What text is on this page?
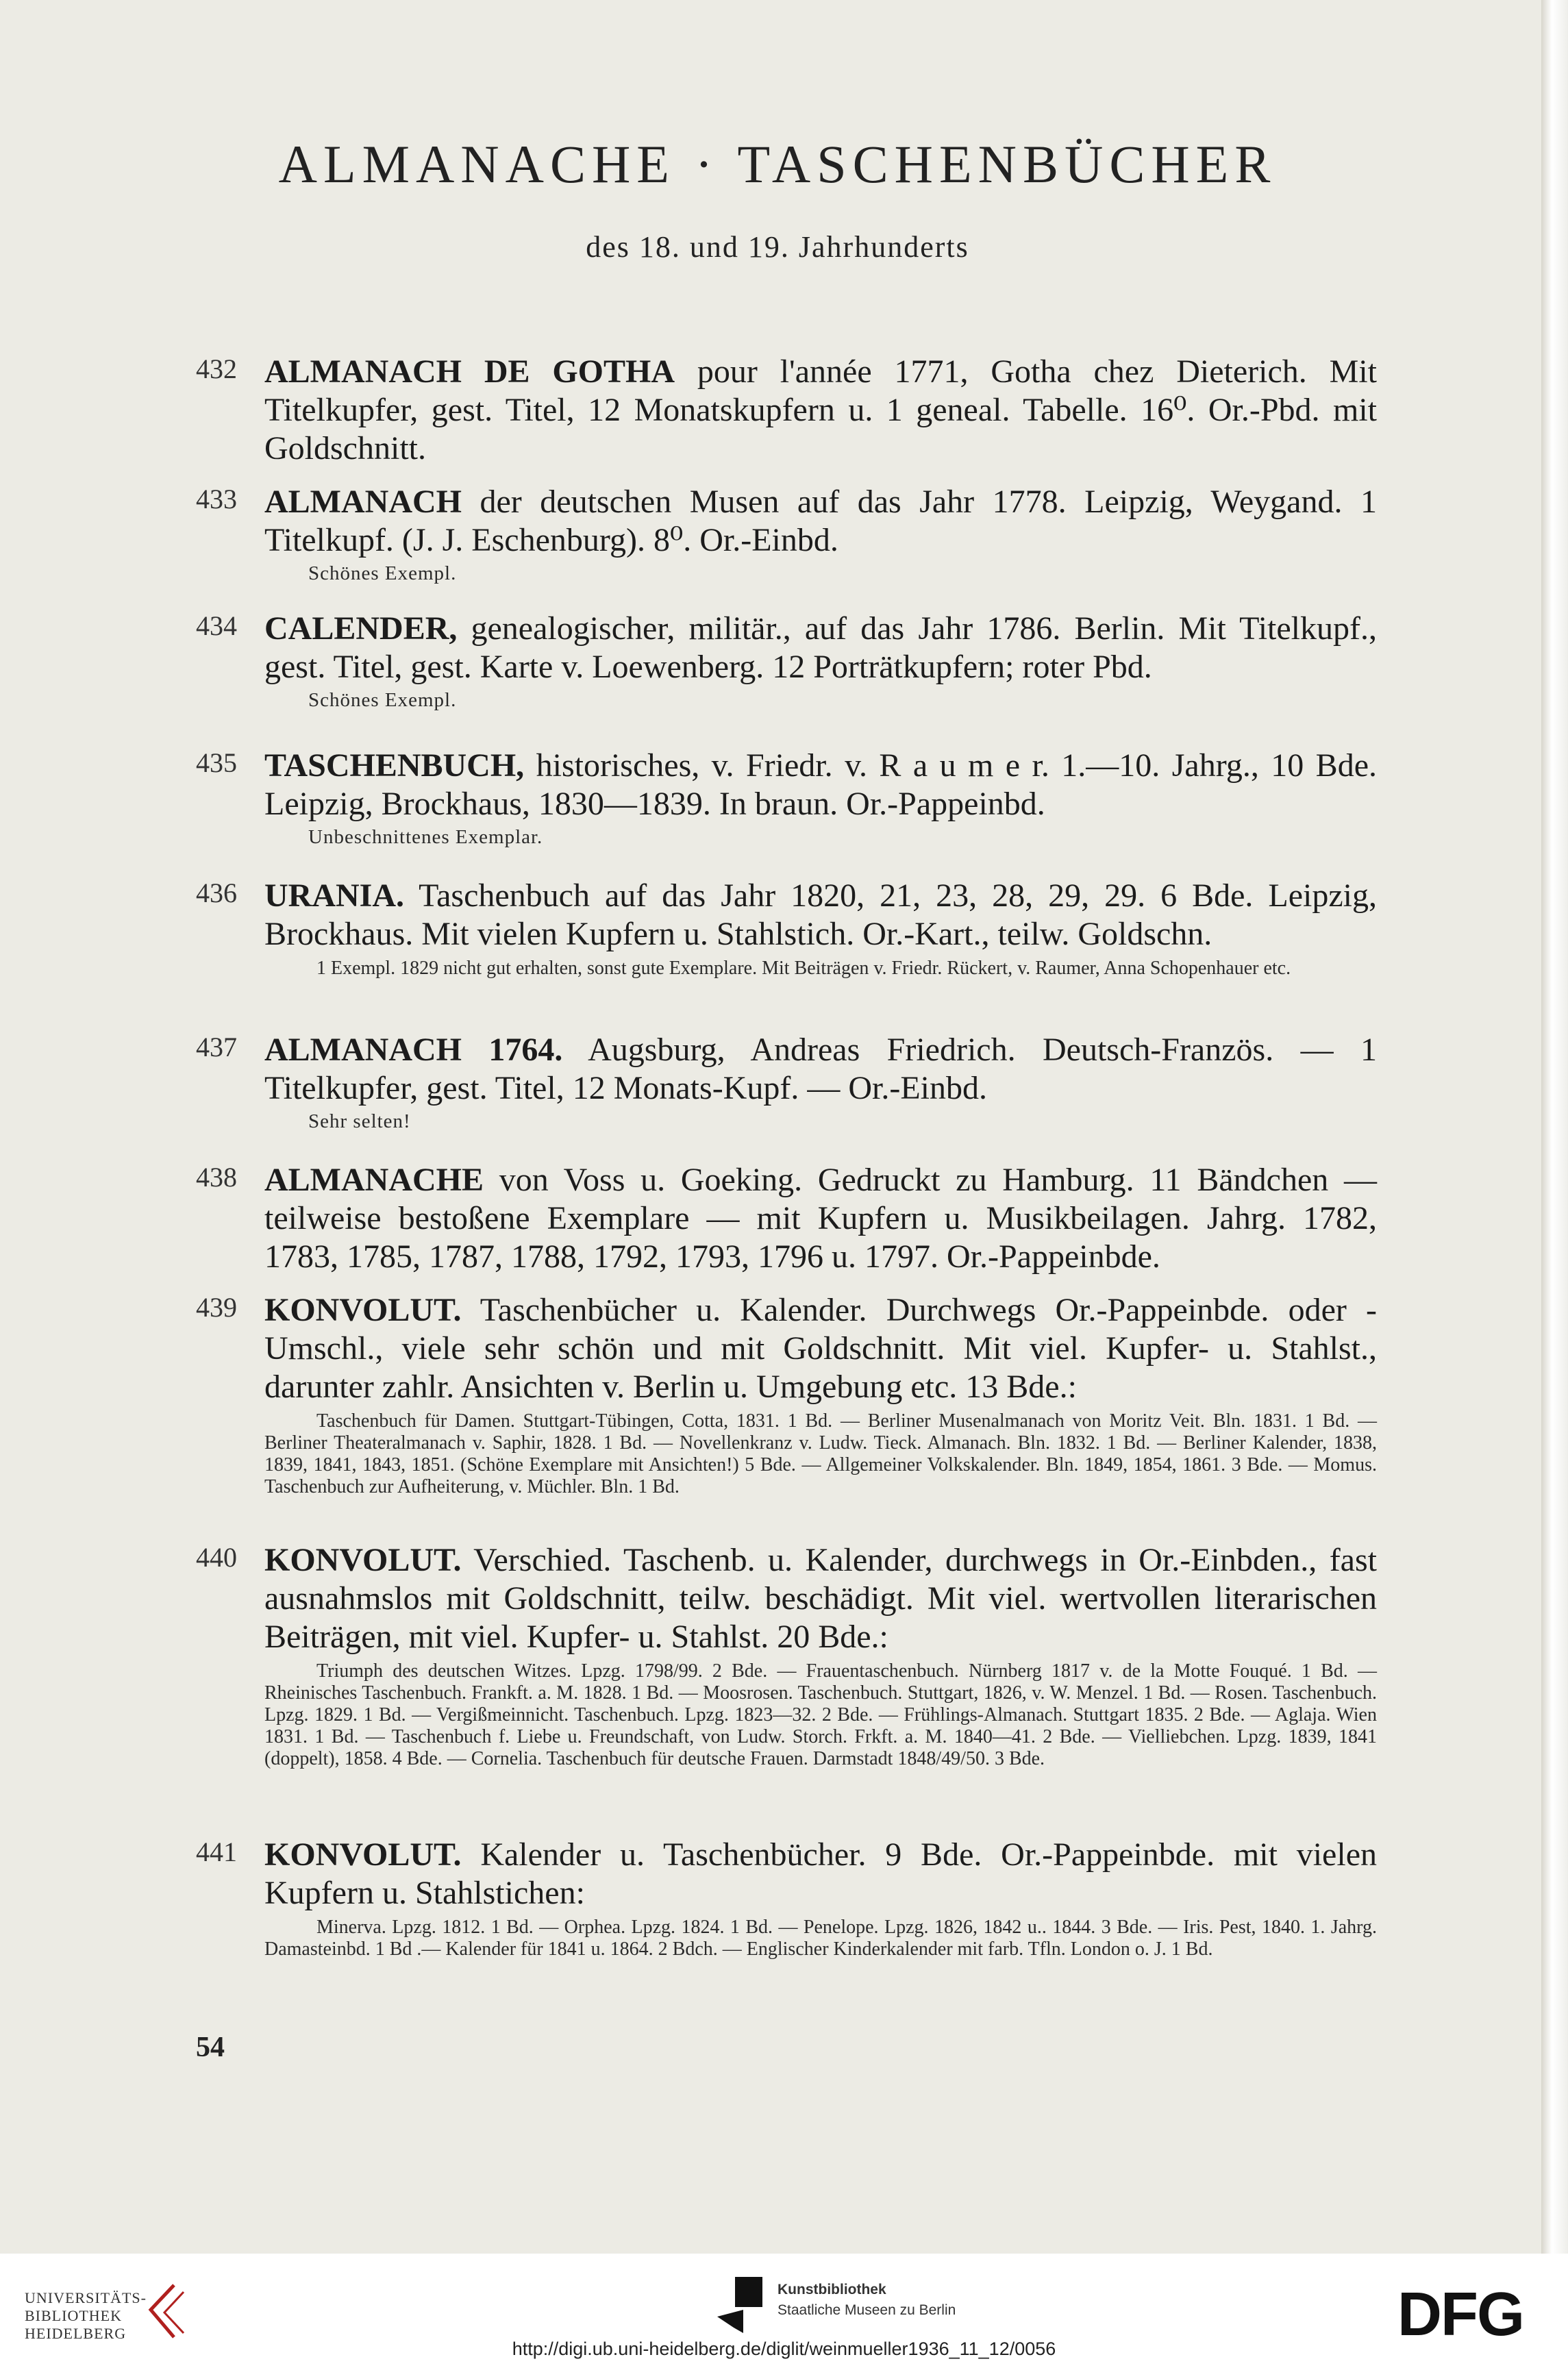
ALMANACHE · TASCHENBÜCHER
des 18. und 19. Jahrhunderts
432 ALMANACH DE GOTHA pour l'année 1771, Gotha chez Dieterich. Mit Titelkupfer, gest. Titel, 12 Monatskupfern u. 1 geneal. Tabelle. 16⁰. Or.-Pbd. mit Goldschnitt.
433 ALMANACH der deutschen Musen auf das Jahr 1778. Leipzig, Weygand. 1 Titelkupf. (J. J. Eschenburg). 8⁰. Or.-Einbd.
Schönes Exempl.
434 CALENDER, genealogischer, militär., auf das Jahr 1786. Berlin. Mit Titelkupf., gest. Titel, gest. Karte v. Loewenberg. 12 Porträtkupfern; roter Pbd.
Schönes Exempl.
435 TASCHENBUCH, historisches, v. Friedr. v. R a u m e r. 1.—10. Jahrg., 10 Bde. Leipzig, Brockhaus, 1830—1839. In braun. Or.-Pappeinbd.
Unbeschnittenes Exemplar.
436 URANIA. Taschenbuch auf das Jahr 1820, 21, 23, 28, 29, 29. 6 Bde. Leipzig, Brockhaus. Mit vielen Kupfern u. Stahlstich. Or.-Kart., teilw. Goldschn.
1 Exempl. 1829 nicht gut erhalten, sonst gute Exemplare. Mit Beiträgen v. Friedr. Rückert, v. Raumer, Anna Schopenhauer etc.
437 ALMANACH 1764. Augsburg, Andreas Friedrich. Deutsch-Französ. — 1 Titelkupfer, gest. Titel, 12 Monats-Kupf. — Or.-Einbd.
Sehr selten!
438 ALMANACHE von Voss u. Goeking. Gedruckt zu Hamburg. 11 Bändchen — teilweise bestoßene Exemplare — mit Kupfern u. Musikbeilagen. Jahrg. 1782, 1783, 1785, 1787, 1788, 1792, 1793, 1796 u. 1797. Or.-Pappeinbde.
439 KONVOLUT. Taschenbücher u. Kalender. Durchwegs Or.-Pappeinbde. oder -Umschl., viele sehr schön und mit Goldschnitt. Mit viel. Kupfer- u. Stahlst., darunter zahlr. Ansichten v. Berlin u. Umgebung etc. 13 Bde.:
Taschenbuch für Damen. Stuttgart-Tübingen, Cotta, 1831. 1 Bd. — Berliner Musenalmanach von Moritz Veit. Bln. 1831. 1 Bd. — Berliner Theateralmanach v. Saphir, 1828. 1 Bd. — Novellenkranz v. Ludw. Tieck. Almanach. Bln. 1832. 1 Bd. — Berliner Kalender, 1838, 1839, 1841, 1843, 1851. (Schöne Exemplare mit Ansichten!) 5 Bde. — Allgemeiner Volkskalender. Bln. 1849, 1854, 1861. 3 Bde. — Momus. Taschenbuch zur Aufheiterung, v. Müchler. Bln. 1 Bd.
440 KONVOLUT. Verschied. Taschenb. u. Kalender, durchwegs in Or.-Einbden., fast ausnahmslos mit Goldschnitt, teilw. beschädigt. Mit viel. wertvollen literarischen Beiträgen, mit viel. Kupfer- u. Stahlst. 20 Bde.:
Triumph des deutschen Witzes. Lpzg. 1798/99. 2 Bde. — Frauentaschenbuch. Nürnberg 1817 v. de la Motte Fouqué. 1 Bd. — Rheinisches Taschenbuch. Frankft. a. M. 1828. 1 Bd. — Moosrosen. Taschenbuch. Stuttgart, 1826, v. W. Menzel. 1 Bd. — Rosen. Taschenbuch. Lpzg. 1829. 1 Bd. — Vergißmeinnicht. Taschenbuch. Lpzg. 1823—32. 2 Bde. — Frühlings-Almanach. Stuttgart 1835. 2 Bde. — Aglaja. Wien 1831. 1 Bd. — Taschenbuch f. Liebe u. Freundschaft, von Ludw. Storch. Frkft. a. M. 1840—41. 2 Bde. — Vielliebchen. Lpzg. 1839, 1841 (doppelt), 1858. 4 Bde. — Cornelia. Taschenbuch für deutsche Frauen. Darmstadt 1848/49/50. 3 Bde.
441 KONVOLUT. Kalender u. Taschenbücher. 9 Bde. Or.-Pappeinbde. mit vielen Kupfern u. Stahlstichen:
Minerva. Lpzg. 1812. 1 Bd. — Orphea. Lpzg. 1824. 1 Bd. — Penelope. Lpzg. 1826, 1842 u.. 1844. 3 Bde. — Iris. Pest, 1840. 1. Jahrg. Damasteinbd. 1 Bd .— Kalender für 1841 u. 1864. 2 Bdch. — Englischer Kinderkalender mit farb. Tfln. London o. J. 1 Bd.
54
UNIVERSITÄTS-
BIBLIOTHEK
HEIDELBERG
Kunstbibliothek
Staatliche Museen zu Berlin	DFG
http://digi.ub.uni-heidelberg.de/diglit/weinmueller1936_11_12/0056
